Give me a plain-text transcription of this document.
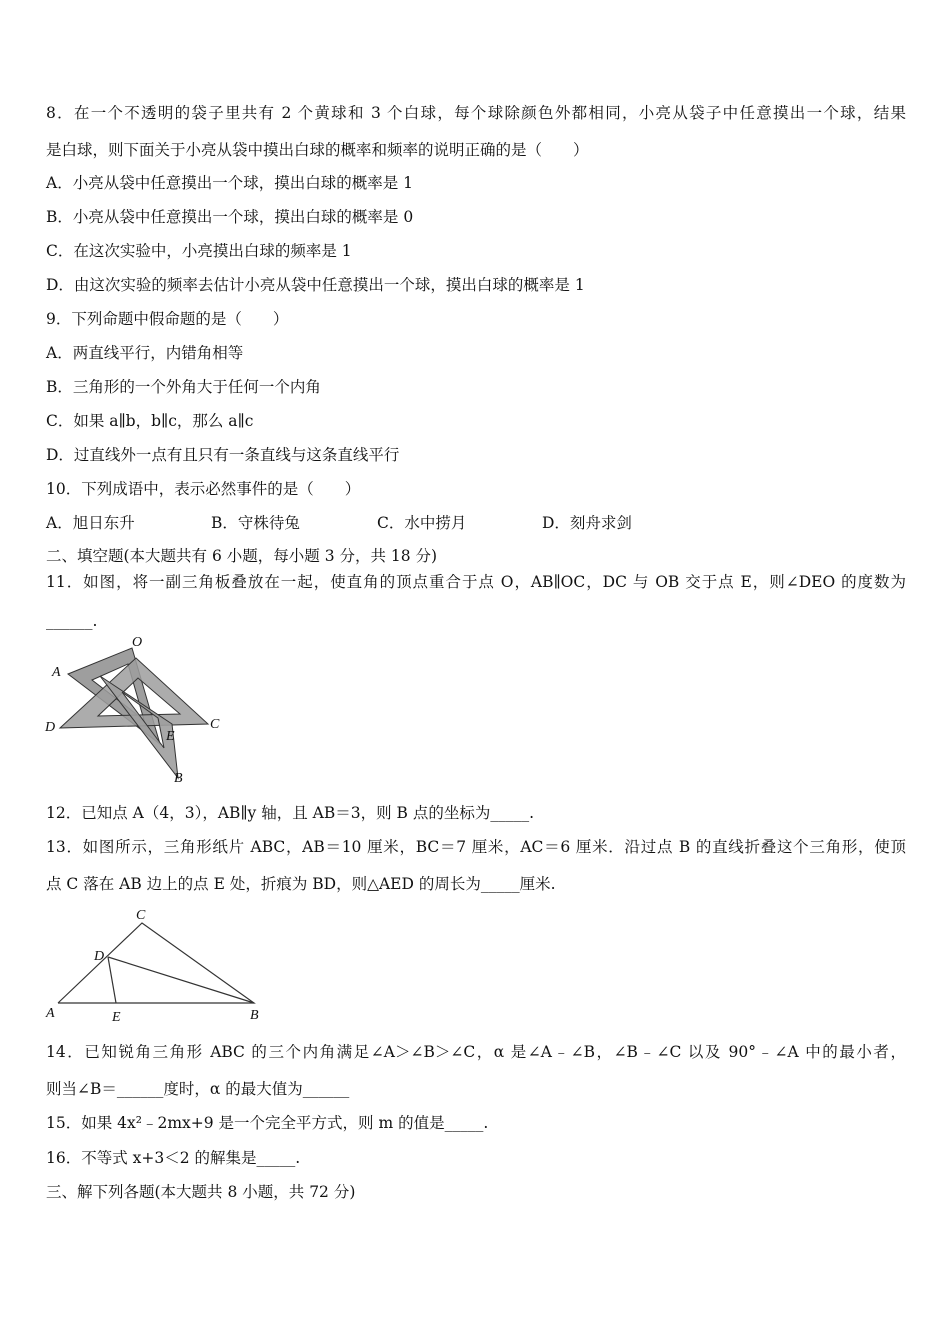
8．在一个不透明的袋子里共有 2 个黄球和 3 个白球，每个球除颜色外都相同，小亮从袋子中任意摸出一个球，结果
是白球，则下面关于小亮从袋中摸出白球的概率和频率的说明正确的是（　　）
A．小亮从袋中任意摸出一个球，摸出白球的概率是 1
B．小亮从袋中任意摸出一个球，摸出白球的概率是 0
C．在这次实验中，小亮摸出白球的频率是 1
D．由这次实验的频率去估计小亮从袋中任意摸出一个球，摸出白球的概率是 1
9．下列命题中假命题的是（　　）
A．两直线平行，内错角相等
B．三角形的一个外角大于任何一个内角
C．如果 a∥b，b∥c，那么 a∥c
D．过直线外一点有且只有一条直线与这条直线平行
10．下列成语中，表示必然事件的是（　　）
A．旭日东升	B．守株待兔	C．水中捞月	D．刻舟求剑
二、填空题(本大题共有 6 小题，每小题 3 分，共 18 分)
11．如图，将一副三角板叠放在一起，使直角的顶点重合于点 O，AB∥OC，DC 与 OB 交于点 E，则∠DEO 的度数为
______.
O
A
D	C
E
B
12．已知点 A（4，3），AB∥y 轴，且 AB＝3，则 B 点的坐标为_____.
13．如图所示，三角形纸片 ABC，AB＝10 厘米，BC＝7 厘米，AC＝6 厘米．沿过点 B 的直线折叠这个三角形，使顶
点 C 落在 AB 边上的点 E 处，折痕为 BD，则△AED 的周长为_____厘米.
C
D
A	E	B
14．已知锐角三角形 ABC 的三个内角满足∠A＞∠B＞∠C，α 是∠A﹣∠B，∠B﹣∠C 以及 90°﹣∠A 中的最小者，
则当∠B＝______度时，α 的最大值为______
15．如果 4x²﹣2mx+9 是一个完全平方式，则 m 的值是_____.
16．不等式 x+3＜2 的解集是_____.
三、解下列各题(本大题共 8 小题，共 72 分)
